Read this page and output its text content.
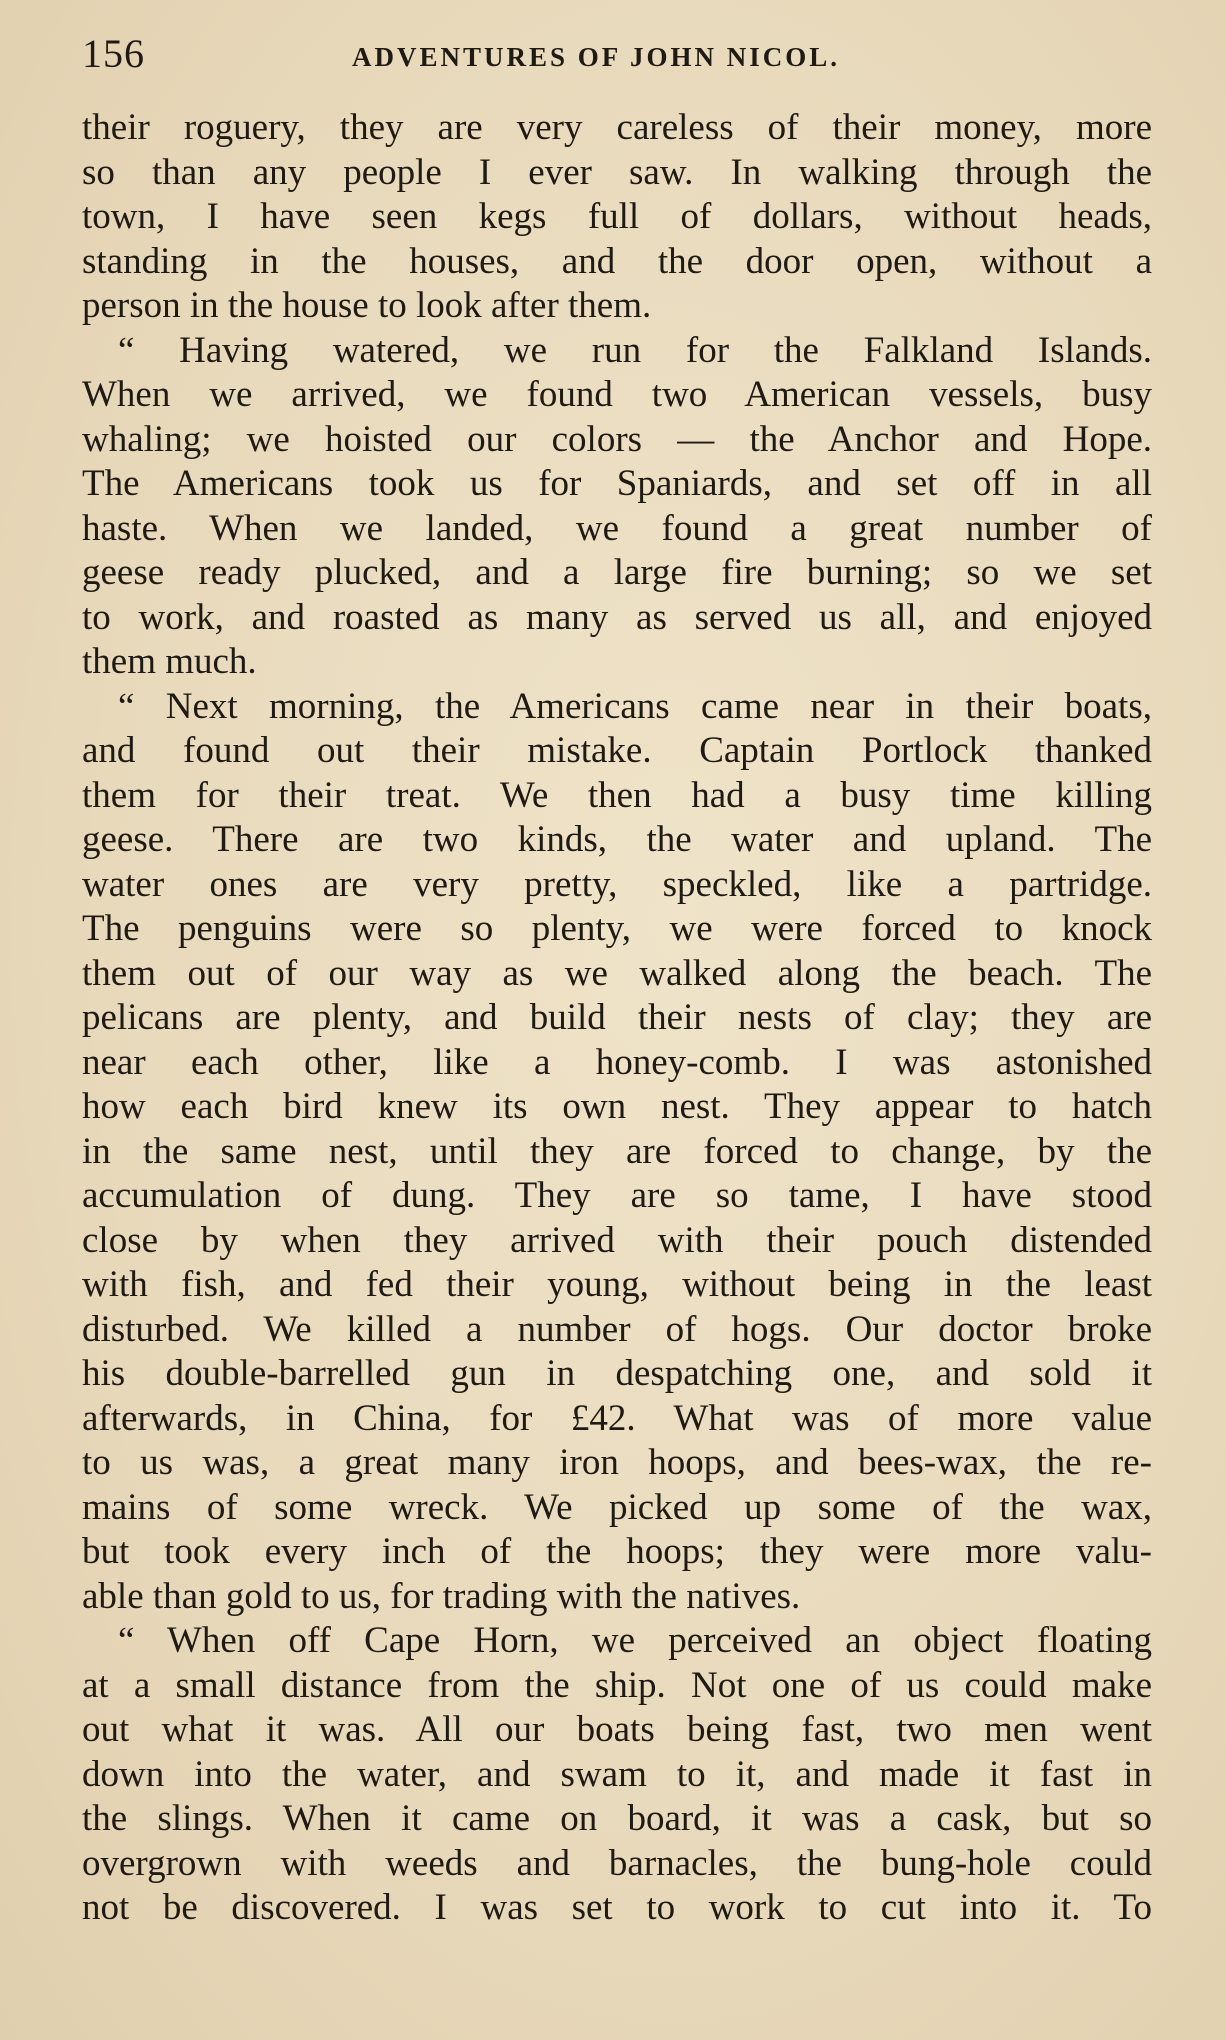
156	ADVENTURES OF JOHN NICOL.
their roguery, they are very careless of their money, more
so than any people I ever saw. In walking through the
town, I have seen kegs full of dollars, without heads,
standing in the houses, and the door open, without a
person in the house to look after them.
“ Having watered, we run for the Falkland Islands.
When we arrived, we found two American vessels, busy
whaling; we hoisted our colors — the Anchor and Hope.
The Americans took us for Spaniards, and set off in all
haste. When we landed, we found a great number of
geese ready plucked, and a large fire burning; so we set
to work, and roasted as many as served us all, and enjoyed
them much.
“ Next morning, the Americans came near in their boats,
and found out their mistake. Captain Portlock thanked
them for their treat. We then had a busy time killing
geese. There are two kinds, the water and upland. The
water ones are very pretty, speckled, like a partridge.
The penguins were so plenty, we were forced to knock
them out of our way as we walked along the beach. The
pelicans are plenty, and build their nests of clay; they are
near each other, like a honey-comb. I was astonished
how each bird knew its own nest. They appear to hatch
in the same nest, until they are forced to change, by the
accumulation of dung. They are so tame, I have stood
close by when they arrived with their pouch distended
with fish, and fed their young, without being in the least
disturbed. We killed a number of hogs. Our doctor broke
his double-barrelled gun in despatching one, and sold it
afterwards, in China, for £42. What was of more value
to us was, a great many iron hoops, and bees-wax, the re-
mains of some wreck. We picked up some of the wax,
but took every inch of the hoops; they were more valu-
able than gold to us, for trading with the natives.
“ When off Cape Horn, we perceived an object floating
at a small distance from the ship. Not one of us could make
out what it was. All our boats being fast, two men went
down into the water, and swam to it, and made it fast in
the slings. When it came on board, it was a cask, but so
overgrown with weeds and barnacles, the bung-hole could
not be discovered. I was set to work to cut into it. To
